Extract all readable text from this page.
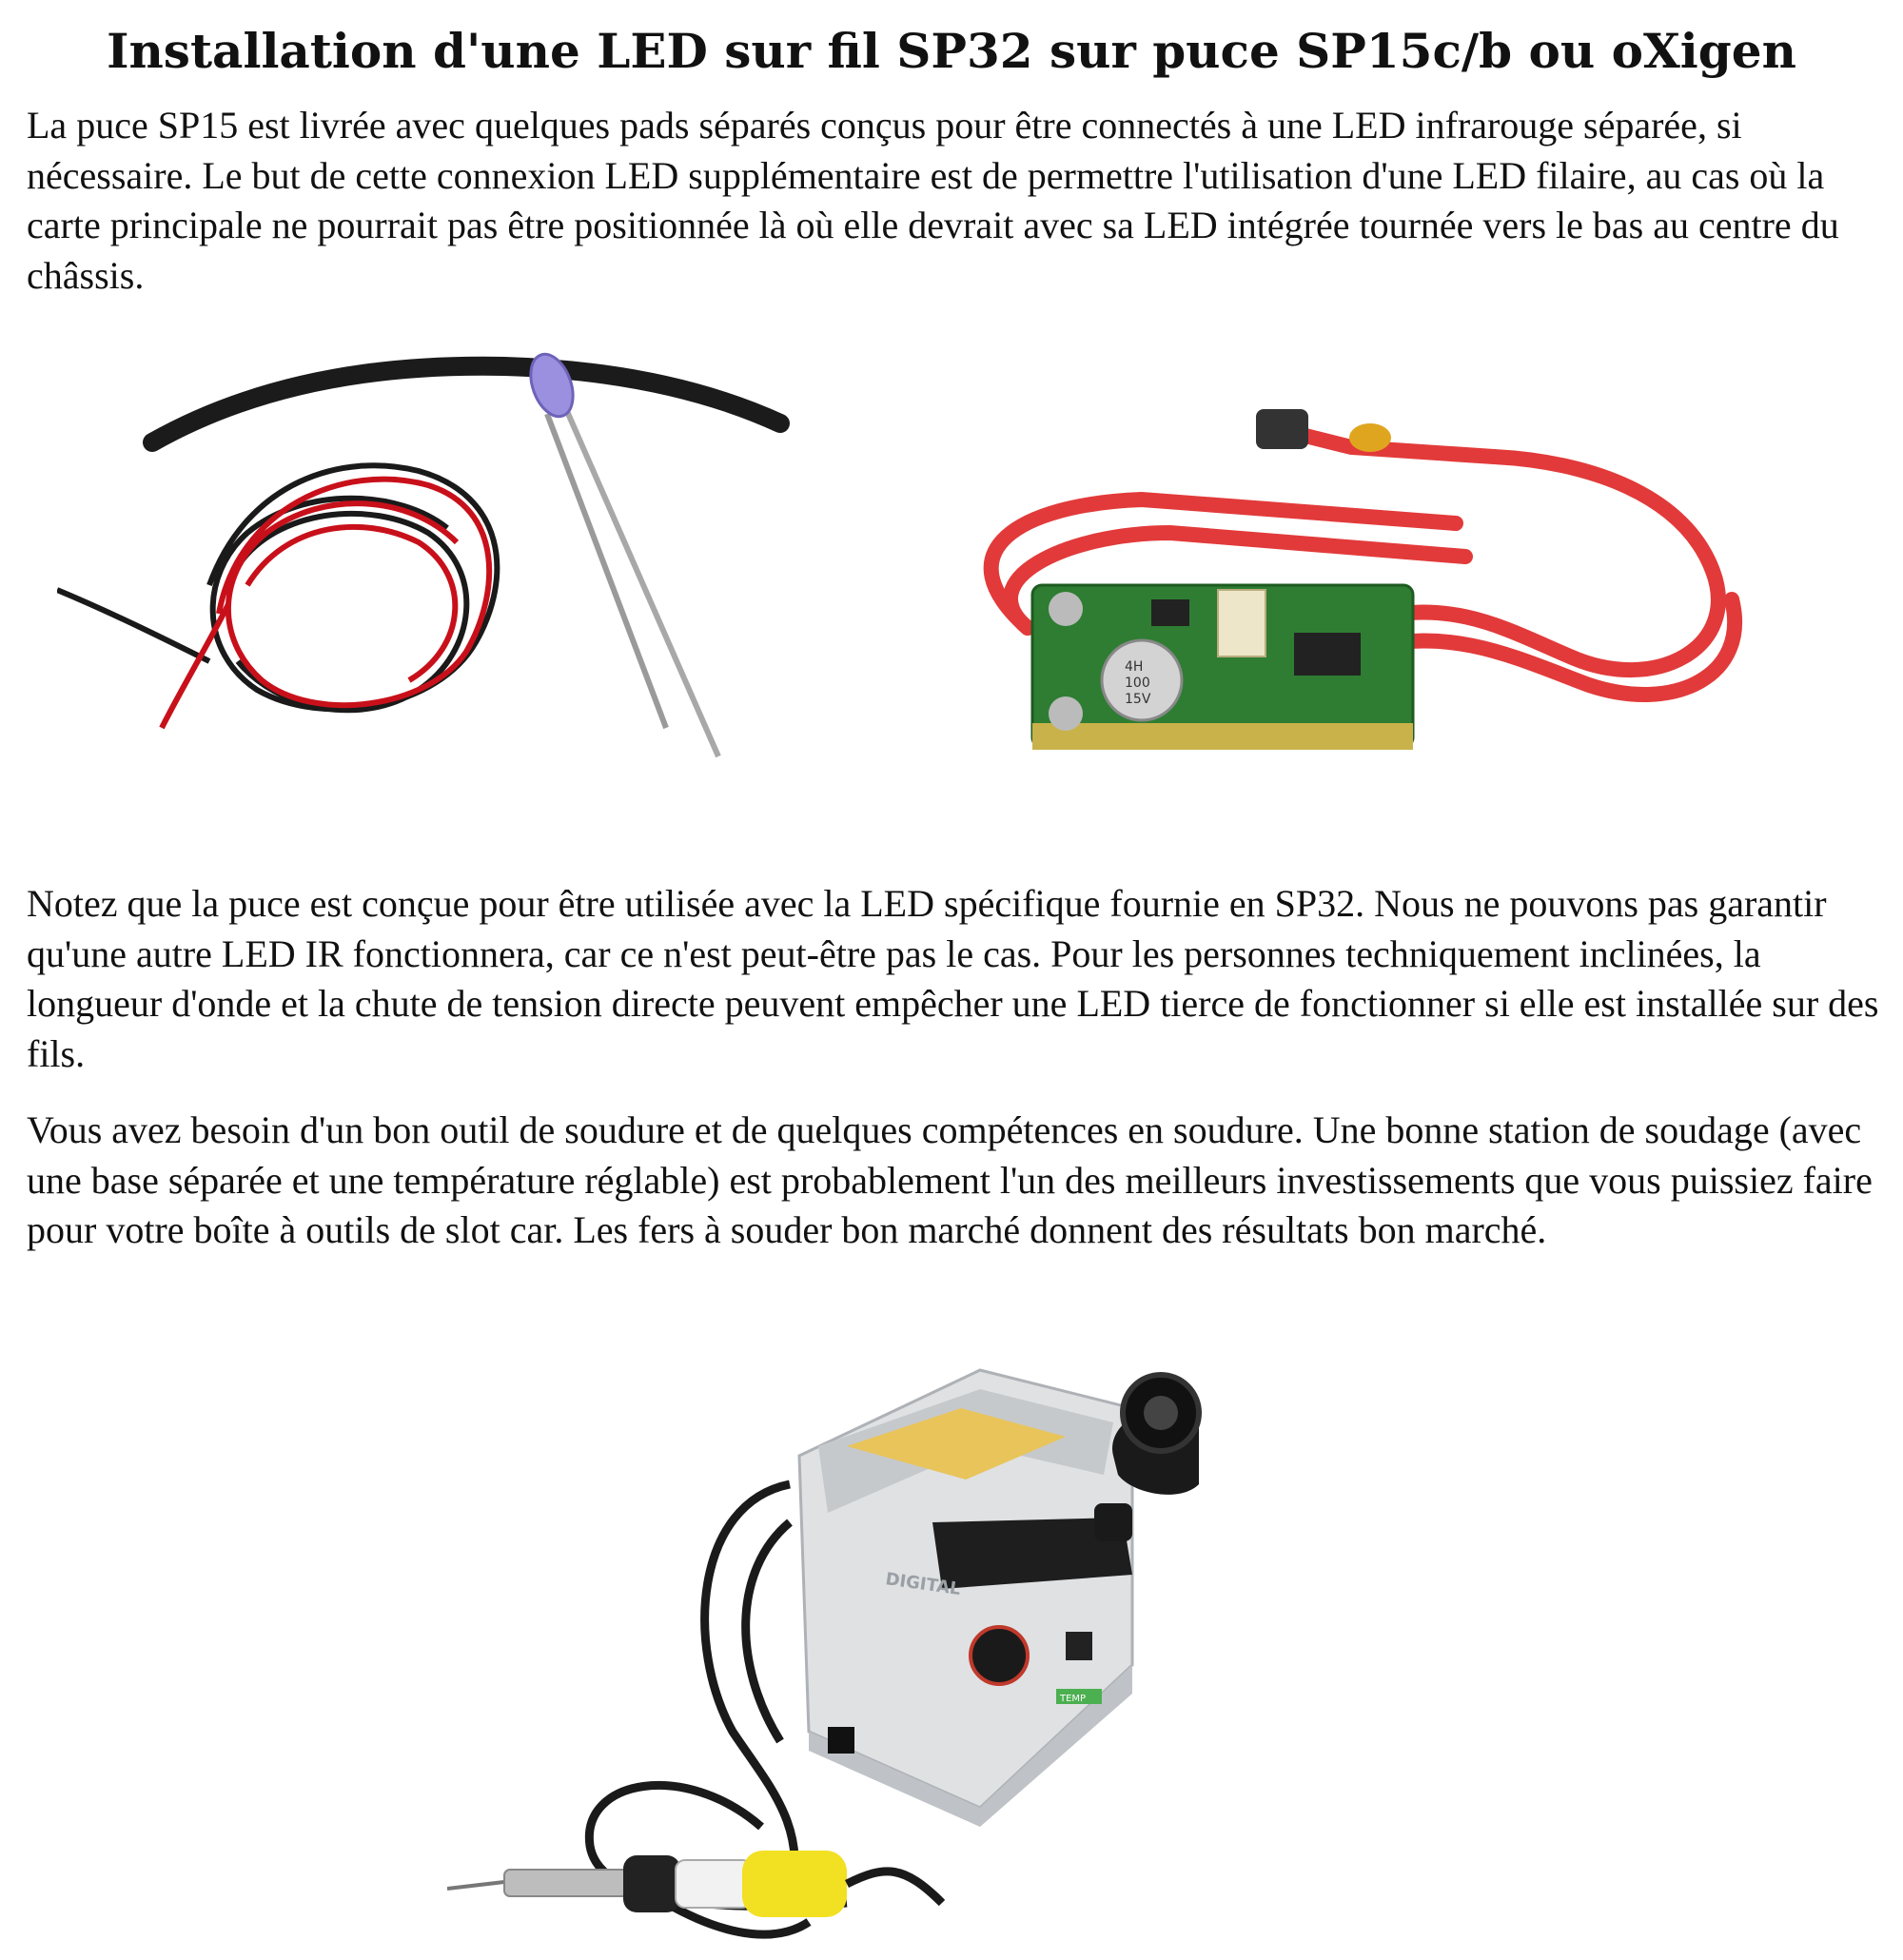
Installation d'une LED sur fil SP32 sur puce SP15c/b ou oXigen

La puce SP15 est livrée avec quelques pads séparés conçus pour être connectés à une LED infrarouge séparée, si nécessaire. Le but de cette connexion LED supplémentaire est de permettre l'utilisation d'une LED filaire, au cas où la carte principale ne pourrait pas être positionnée là où elle devrait avec sa LED intégrée tournée vers le bas au centre du châssis.

4H
100
15V

Notez que la puce est conçue pour être utilisée avec la LED spécifique fournie en SP32. Nous ne pouvons pas garantir qu'une autre LED IR fonctionnera, car ce n'est peut-être pas le cas. Pour les personnes techniquement inclinées, la longueur d'onde et la chute de tension directe peuvent empêcher une LED tierce de fonctionner si elle est installée sur des fils.

Vous avez besoin d'un bon outil de soudure et de quelques compétences en soudure. Une bonne station de soudage (avec une base séparée et une température réglable) est probablement l'un des meilleurs investissements que vous puissiez faire pour votre boîte à outils de slot car. Les fers à souder bon marché donnent des résultats bon marché.

DIGITAL
TEMP
